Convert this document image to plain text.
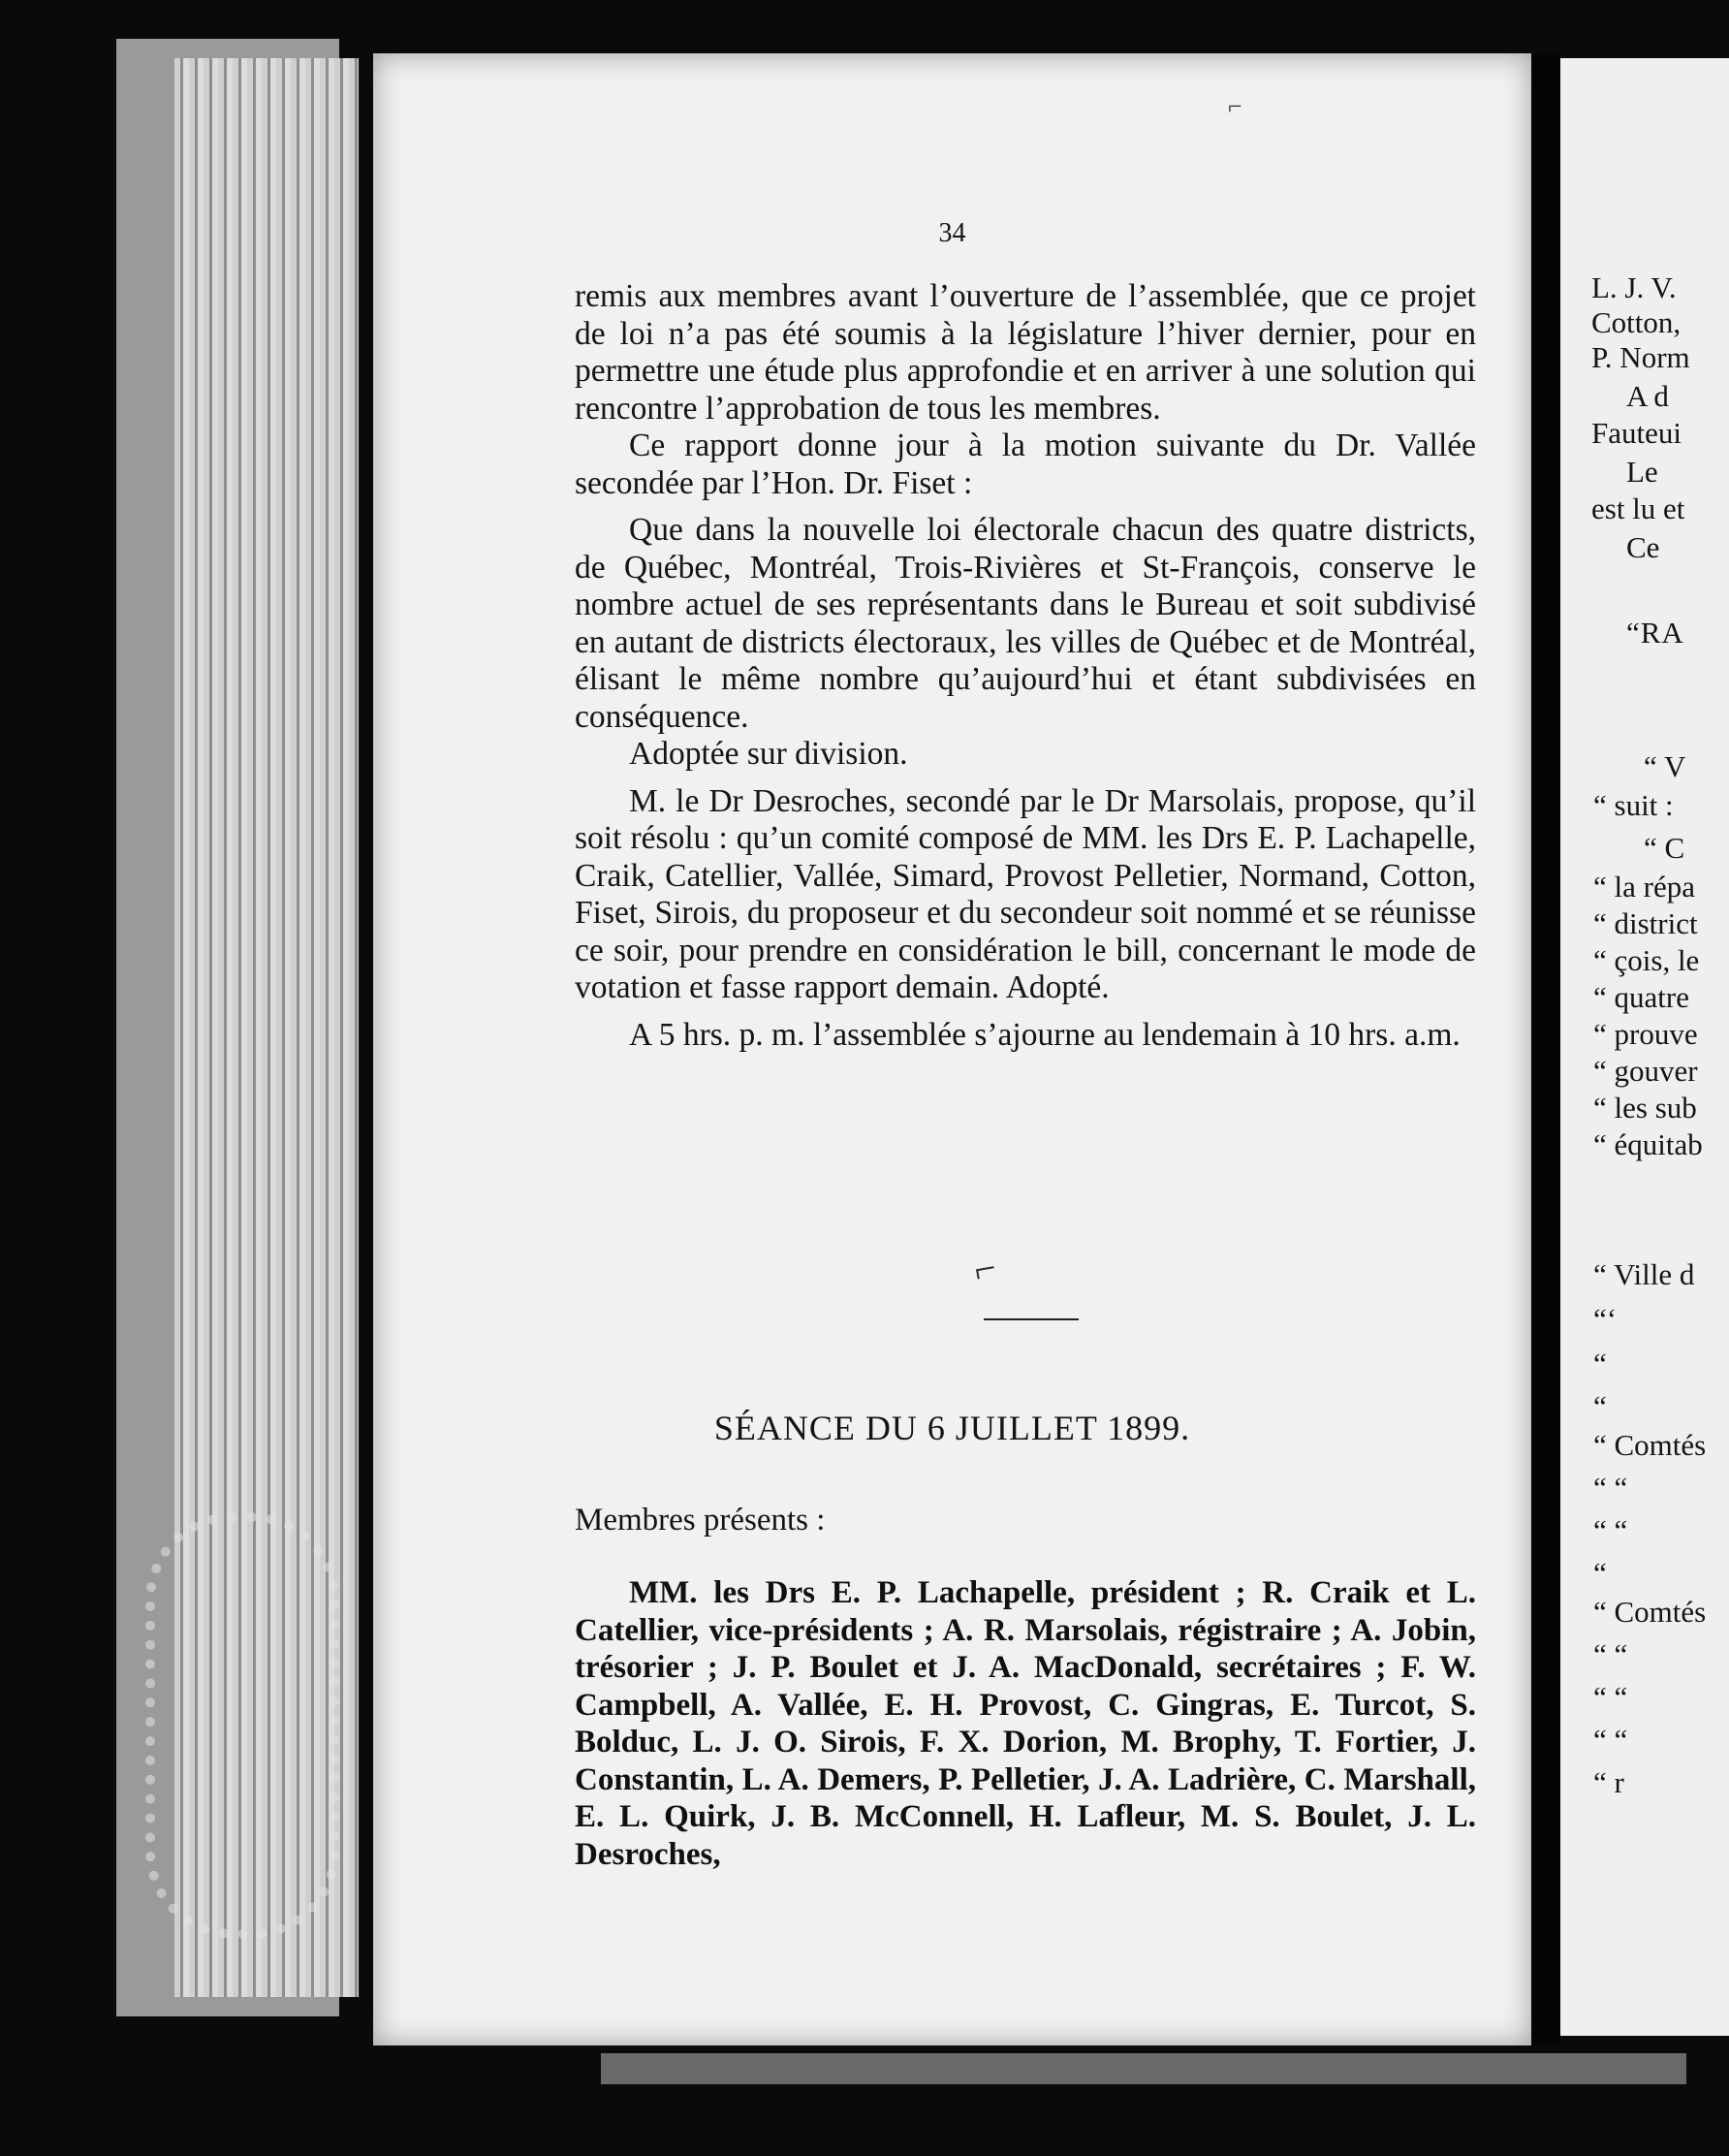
34

remis aux membres avant l’ouverture de l’assemblée, que ce projet de loi n’a pas été soumis à la législature l’hiver dernier, pour en permettre une étude plus approfondie et en arriver à une solution qui rencontre l’approbation de tous les membres.

Ce rapport donne jour à la motion suivante du Dr. Vallée secondée par l’Hon. Dr. Fiset :

Que dans la nouvelle loi électorale chacun des quatre districts, de Québec, Montréal, Trois-Rivières et St-François, conserve le nombre actuel de ses représentants dans le Bureau et soit subdivisé en autant de districts électoraux, les villes de Québec et de Montréal, élisant le même nombre qu’aujourd’hui et étant subdivisées en conséquence.

Adoptée sur division.

M. le Dr Desroches, secondé par le Dr Marsolais, propose, qu’il soit résolu : qu’un comité composé de MM. les Drs E. P. Lachapelle, Craik, Catellier, Vallée, Simard, Provost Pelletier, Normand, Cotton, Fiset, Sirois, du proposeur et du secondeur soit nommé et se réunisse ce soir, pour prendre en considération le bill, concernant le mode de votation et fasse rapport demain. Adopté.

A 5 hrs. p. m. l’assemblée s’ajourne au lendemain à 10 hrs. a.m.

SÉANCE DU 6 JUILLET 1899.
Membres présents :
MM. les Drs E. P. Lachapelle, président ; R. Craik et L. Catellier, vice-présidents ; A. R. Marsolais, régistraire ; A. Jobin, trésorier ; J. P. Boulet et J. A. MacDonald, secrétaires ; F. W. Campbell, A. Vallée, E. H. Provost, C. Gingras, E. Turcot, S. Bolduc, L. J. O. Sirois, F. X. Dorion, M. Brophy, T. Fortier, J. Constantin, L. A. Demers, P. Pelletier, J. A. Ladrière, C. Marshall, E. L. Quirk, J. B. McConnell, H. Lafleur, M. S. Boulet, J. L. Desroches,
⌐
⌐
L. J. V.
Cotton,
P. Norm
A d
Fauteui
Le
est lu et
Ce
“RA
“ V
“ suit :
“ C
“ la répa
“ district
“ çois, le
“ quatre
“ prouve
“ gouver
“ les sub
“ équitab
“ Ville d
“‘
“
“
“ Comtés
“ “
“ “
“
“ Comtés
“ “
“ “
“ “
“ r
